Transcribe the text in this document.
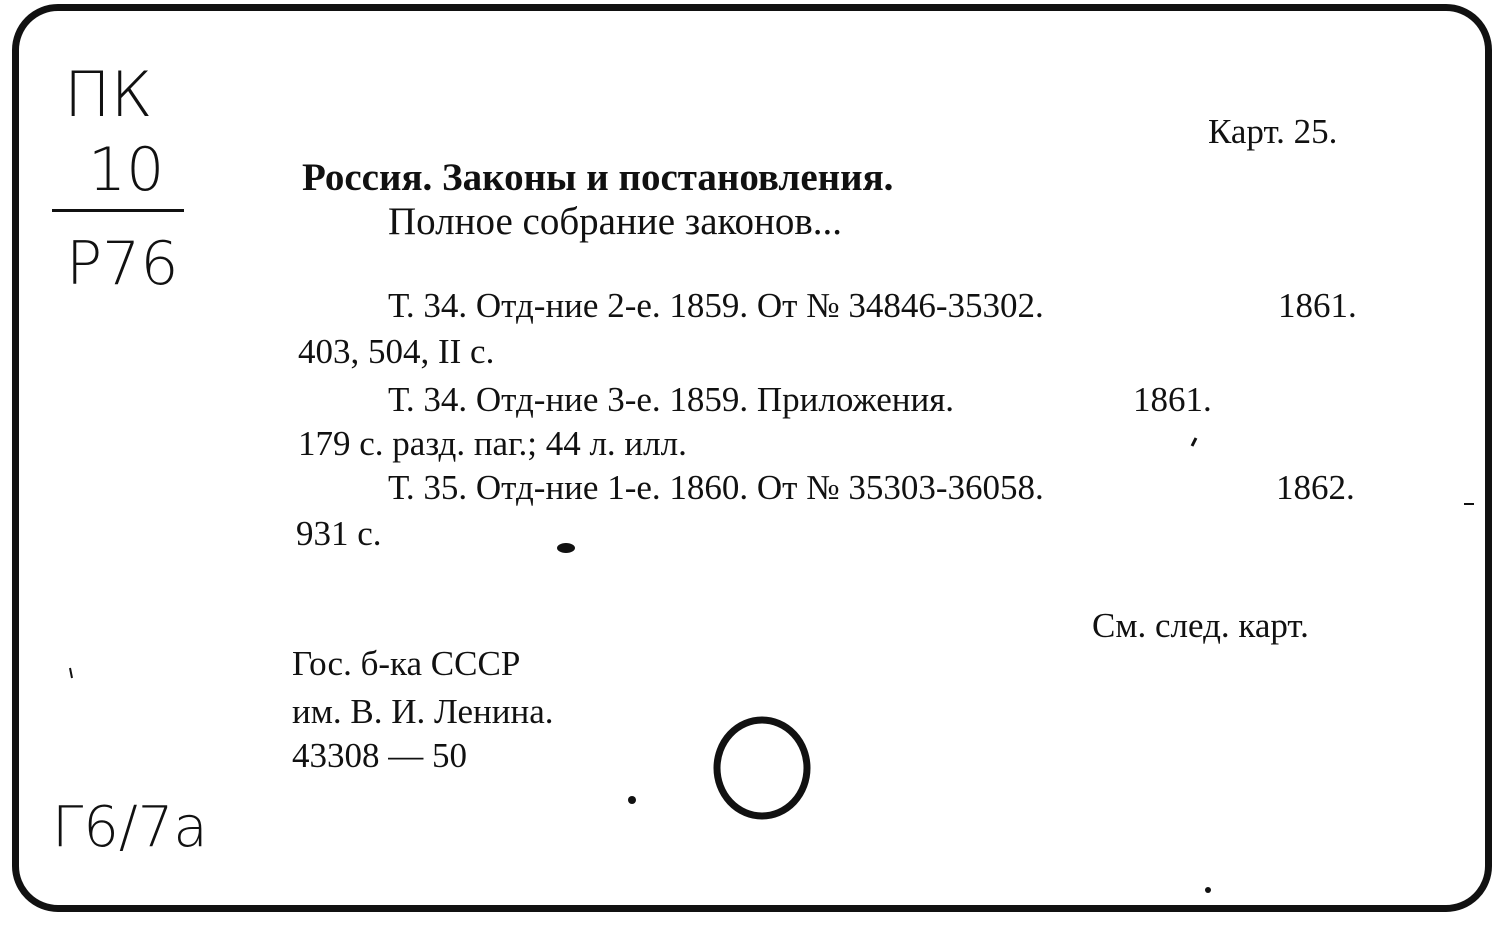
ПК
10
Р76
Г6/7а
Карт. 25.
Россия. Законы и постановления.
Полное собрание законов...
Т. 34. Отд-ние 2-е. 1859. От № 34846-35302.	1861.
403, 504, II с.
Т. 34. Отд-ние 3-е. 1859. Приложения.	1861.
179 с. разд. паг.; 44 л. илл.
Т. 35. Отд-ние 1-е. 1860. От № 35303-36058.	1862.
931 с.
См. след. карт.
Гос. б-ка СССР
им. В. И. Ленина.
43308 — 50
